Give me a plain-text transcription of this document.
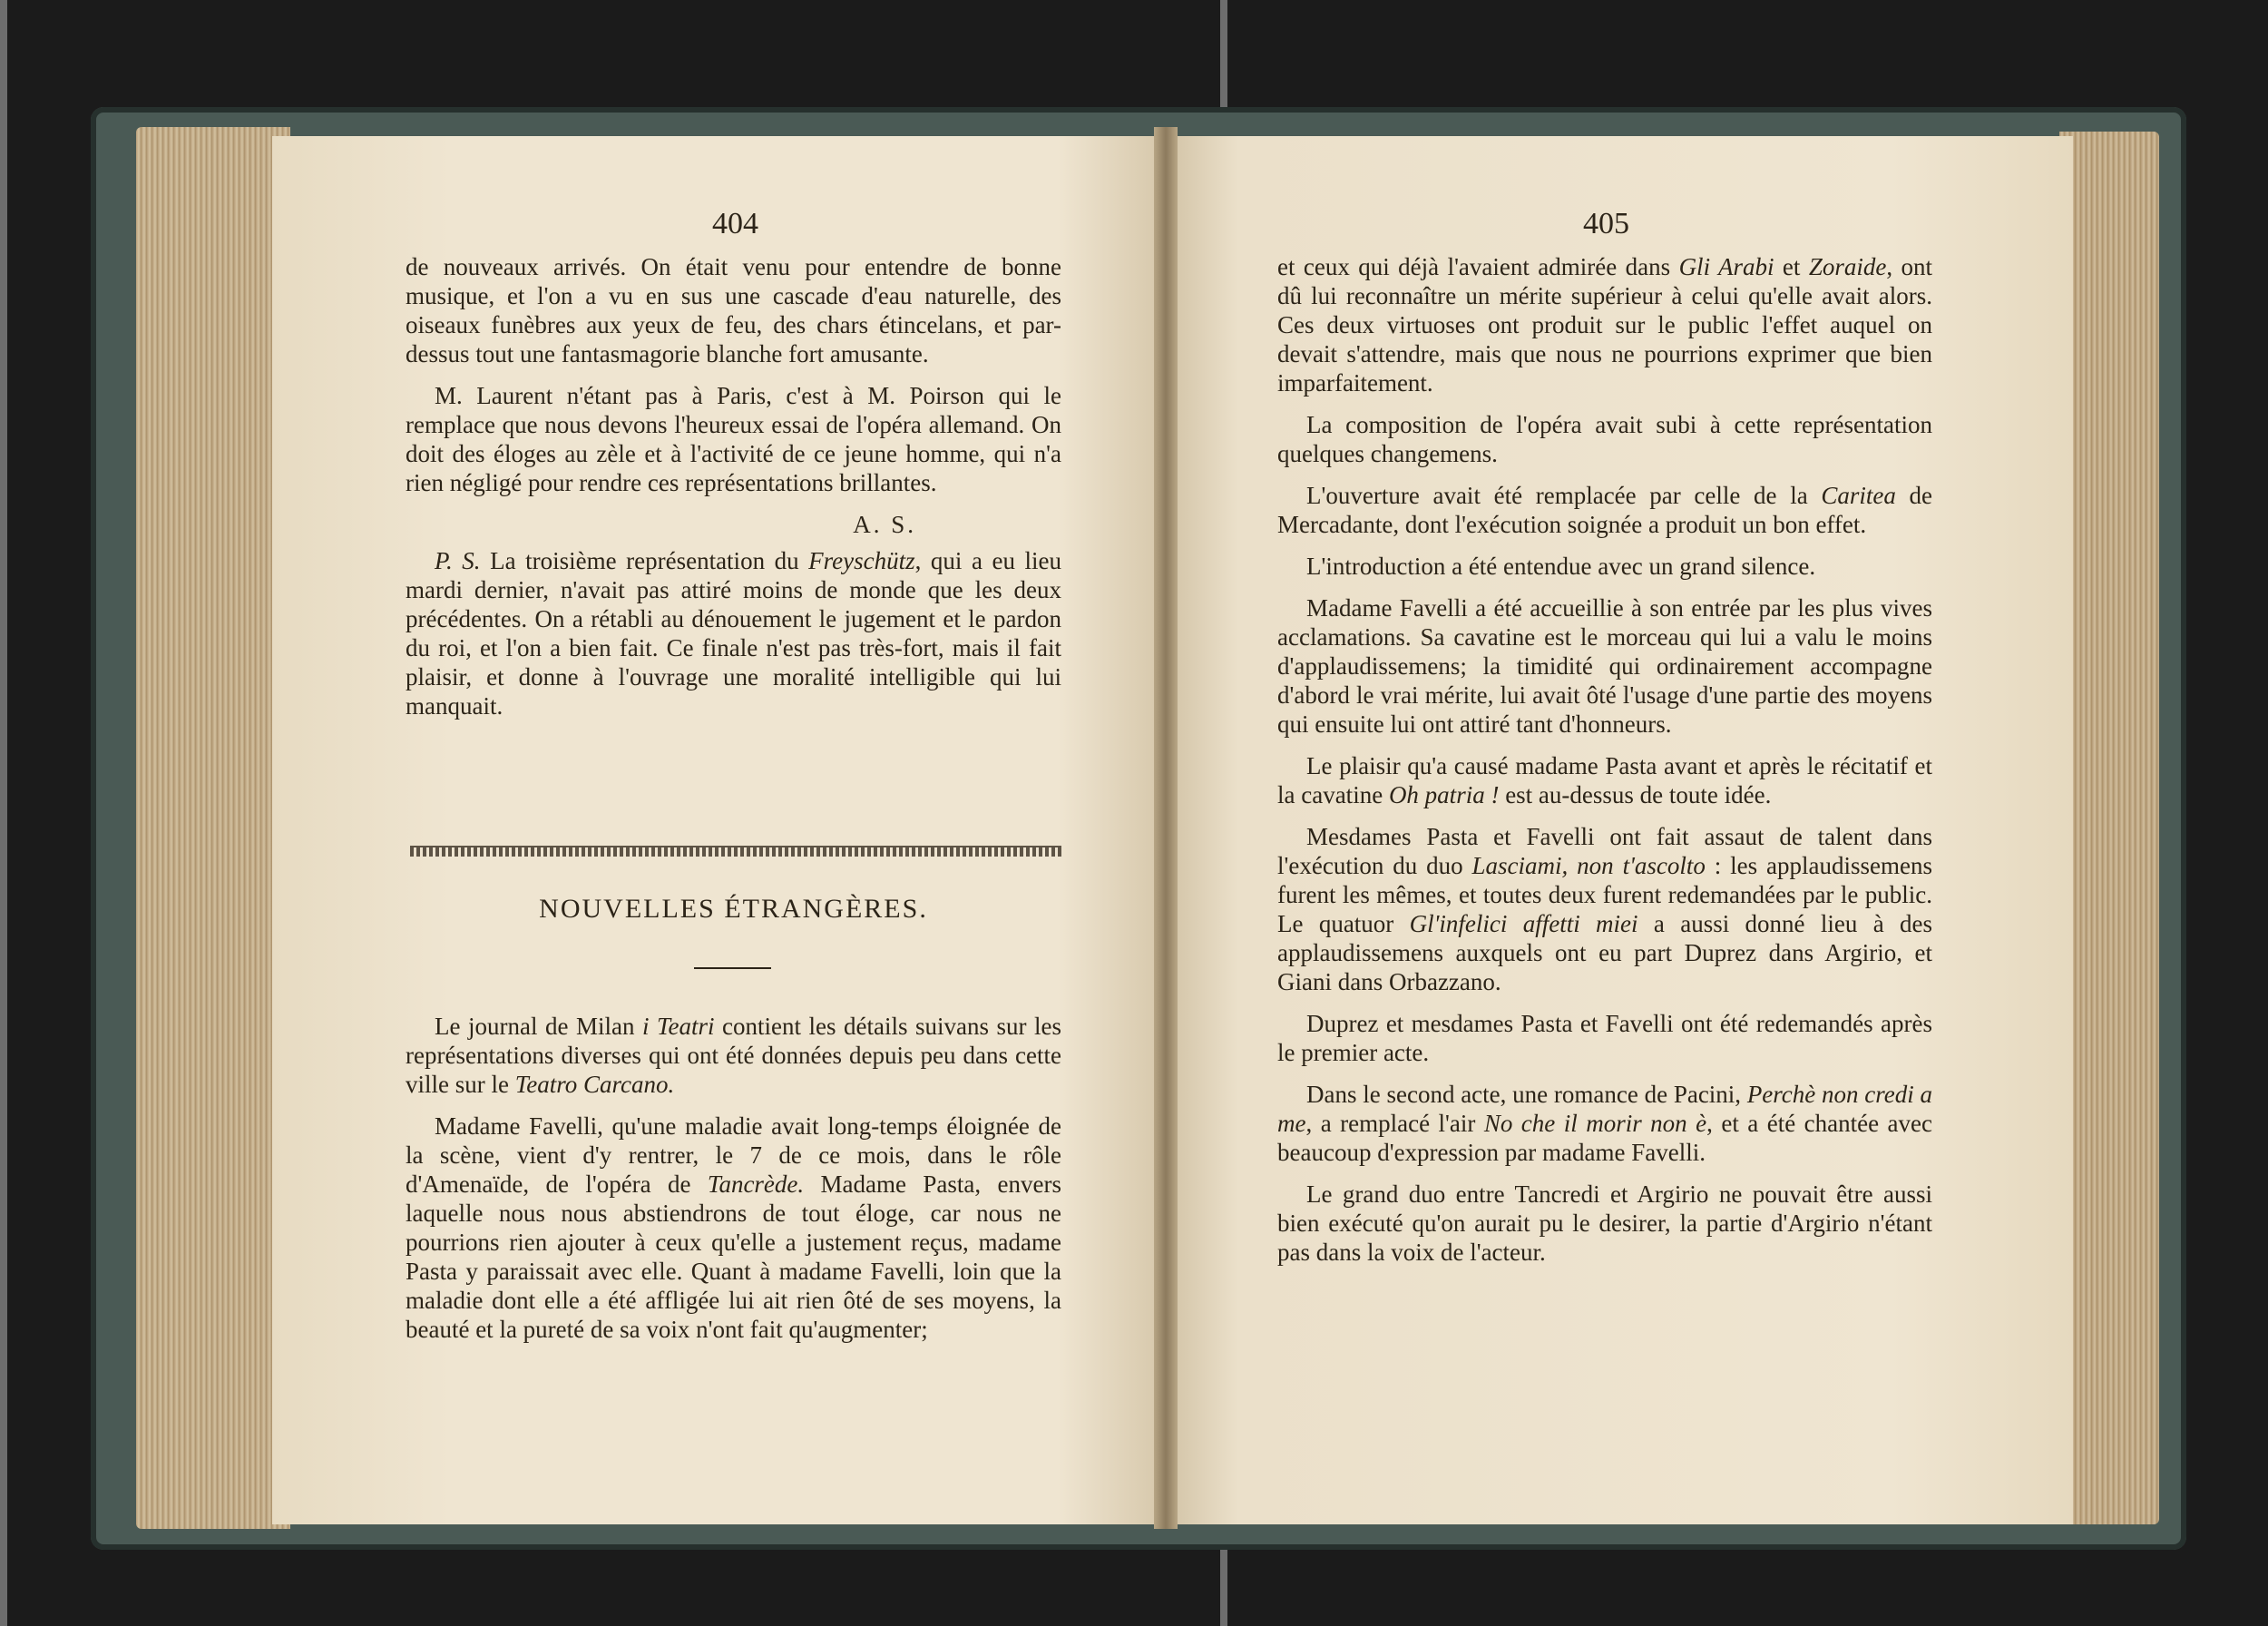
404

de nouveaux arrivés. On était venu pour entendre de bonne musique, et l'on a vu en sus une cascade d'eau naturelle, des oiseaux funèbres aux yeux de feu, des chars étincelans, et par-dessus tout une fantasmagorie blanche fort amusante.

M. Laurent n'étant pas à Paris, c'est à M. Poirson qui le remplace que nous devons l'heureux essai de l'opéra allemand. On doit des éloges au zèle et à l'activité de ce jeune homme, qui n'a rien négligé pour rendre ces représentations brillantes.

A. S.

P. S. La troisième représentation du Freyschütz, qui a eu lieu mardi dernier, n'avait pas attiré moins de monde que les deux précédentes. On a rétabli au dénouement le jugement et le pardon du roi, et l'on a bien fait. Ce finale n'est pas très-fort, mais il fait plaisir, et donne à l'ouvrage une moralité intelligible qui lui manquait.

NOUVELLES ÉTRANGÈRES.

Le journal de Milan i Teatri contient les détails suivans sur les représentations diverses qui ont été données depuis peu dans cette ville sur le Teatro Carcano.

Madame Favelli, qu'une maladie avait long-temps éloignée de la scène, vient d'y rentrer, le 7 de ce mois, dans le rôle d'Amenaïde, de l'opéra de Tancrède. Madame Pasta, envers laquelle nous nous abstiendrons de tout éloge, car nous ne pourrions rien ajouter à ceux qu'elle a justement reçus, madame Pasta y paraissait avec elle. Quant à madame Favelli, loin que la maladie dont elle a été affligée lui ait rien ôté de ses moyens, la beauté et la pureté de sa voix n'ont fait qu'augmenter;

405

et ceux qui déjà l'avaient admirée dans Gli Arabi et Zoraide, ont dû lui reconnaître un mérite supérieur à celui qu'elle avait alors. Ces deux virtuoses ont produit sur le public l'effet auquel on devait s'attendre, mais que nous ne pourrions exprimer que bien imparfaitement.

La composition de l'opéra avait subi à cette représentation quelques changemens.

L'ouverture avait été remplacée par celle de la Caritea de Mercadante, dont l'exécution soignée a produit un bon effet.

L'introduction a été entendue avec un grand silence.

Madame Favelli a été accueillie à son entrée par les plus vives acclamations. Sa cavatine est le morceau qui lui a valu le moins d'applaudissemens; la timidité qui ordinairement accompagne d'abord le vrai mérite, lui avait ôté l'usage d'une partie des moyens qui ensuite lui ont attiré tant d'honneurs.

Le plaisir qu'a causé madame Pasta avant et après le récitatif et la cavatine Oh patria ! est au-dessus de toute idée.

Mesdames Pasta et Favelli ont fait assaut de talent dans l'exécution du duo Lasciami, non t'ascolto : les applaudissemens furent les mêmes, et toutes deux furent redemandées par le public. Le quatuor Gl'infelici affetti miei a aussi donné lieu à des applaudissemens auxquels ont eu part Duprez dans Argirio, et Giani dans Orbazzano.

Duprez et mesdames Pasta et Favelli ont été redemandés après le premier acte.

Dans le second acte, une romance de Pacini, Perchè non credi a me, a remplacé l'air No che il morir non è, et a été chantée avec beaucoup d'expression par madame Favelli.

Le grand duo entre Tancredi et Argirio ne pouvait être aussi bien exécuté qu'on aurait pu le desirer, la partie d'Argirio n'étant pas dans la voix de l'acteur.
